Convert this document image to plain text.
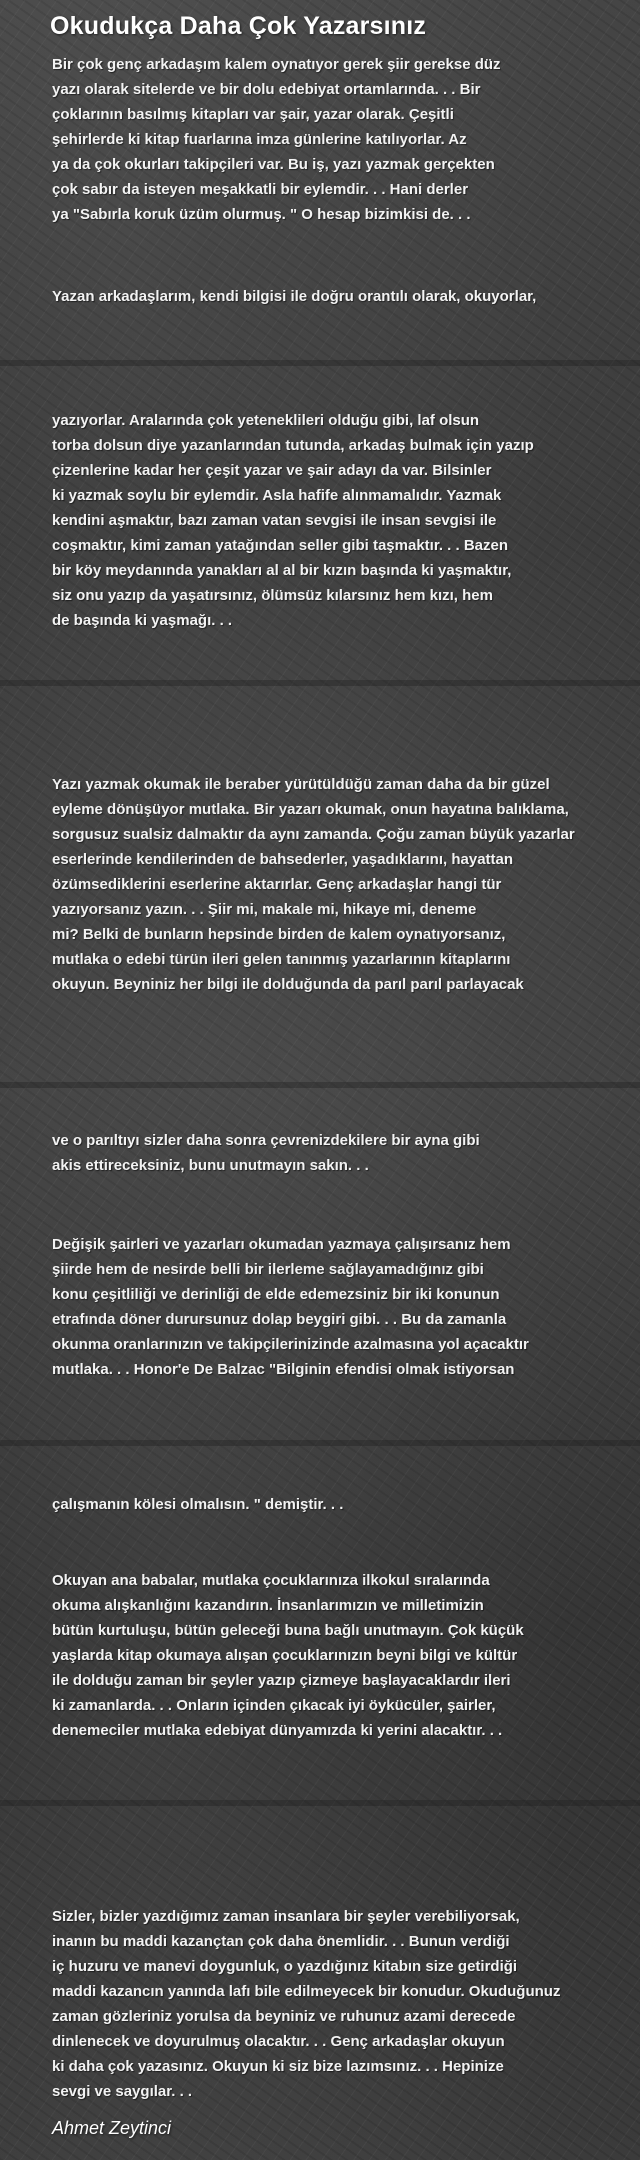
Okudukça Daha Çok Yazarsınız
Bir çok genç arkadaşım kalem oynatıyor gerek şiir gerekse düz
yazı olarak sitelerde ve bir dolu edebiyat ortamlarında. . . Bir
çoklarının basılmış kitapları var şair, yazar olarak. Çeşitli
şehirlerde ki kitap fuarlarına imza günlerine katılıyorlar. Az
ya da çok okurları takipçileri var. Bu iş, yazı yazmak gerçekten
çok sabır da isteyen meşakkatli bir eylemdir. . . Hani derler
ya "Sabırla koruk üzüm olurmuş. " O hesap bizimkisi de. . .
Yazan arkadaşlarım, kendi bilgisi ile doğru orantılı olarak, okuyorlar,
yazıyorlar. Aralarında çok yeteneklileri olduğu gibi, laf olsun
torba dolsun diye yazanlarından tutunda, arkadaş bulmak için yazıp
çizenlerine kadar her çeşit yazar ve şair adayı da var. Bilsinler
ki yazmak soylu bir eylemdir. Asla hafife alınmamalıdır. Yazmak
kendini aşmaktır, bazı zaman vatan sevgisi ile insan sevgisi ile
coşmaktır, kimi zaman yatağından seller gibi taşmaktır. . . Bazen
bir köy meydanında yanakları al al bir kızın başında ki yaşmaktır,
siz onu yazıp da yaşatırsınız, ölümsüz kılarsınız hem kızı, hem
de başında ki yaşmağı. . .
Yazı yazmak okumak ile beraber yürütüldüğü zaman daha da bir güzel
eyleme dönüşüyor mutlaka. Bir yazarı okumak, onun hayatına balıklama,
sorgusuz sualsiz dalmaktır da aynı zamanda. Çoğu zaman büyük yazarlar
eserlerinde kendilerinden de bahsederler, yaşadıklarını, hayattan
özümsediklerini eserlerine aktarırlar. Genç arkadaşlar hangi tür
yazıyorsanız yazın. . . Şiir mi, makale mi, hikaye mi, deneme
mi? Belki de bunların hepsinde birden de kalem oynatıyorsanız,
mutlaka o edebi türün ileri gelen tanınmış yazarlarının kitaplarını
okuyun. Beyniniz her bilgi ile dolduğunda da parıl parıl parlayacak
ve o parıltıyı sizler daha sonra çevrenizdekilere bir ayna gibi
akis ettireceksiniz, bunu unutmayın sakın. . .
Değişik şairleri ve yazarları okumadan yazmaya çalışırsanız hem
şiirde hem de nesirde belli bir ilerleme sağlayamadığınız gibi
konu çeşitliliği ve derinliği de elde edemezsiniz bir iki konunun
etrafında döner durursunuz dolap beygiri gibi. . . Bu da zamanla
okunma oranlarınızın ve takipçilerinizinde azalmasına yol açacaktır
mutlaka. . . Honor'e De Balzac "Bilginin efendisi olmak istiyorsan
çalışmanın kölesi olmalısın. " demiştir. . .
Okuyan ana babalar, mutlaka çocuklarınıza ilkokul sıralarında
okuma alışkanlığını kazandırın. İnsanlarımızın ve milletimizin
bütün kurtuluşu, bütün geleceği buna bağlı unutmayın. Çok küçük
yaşlarda kitap okumaya alışan çocuklarınızın beyni bilgi ve kültür
ile dolduğu zaman bir şeyler yazıp çizmeye başlayacaklardır ileri
ki zamanlarda. . . Onların içinden çıkacak iyi öykücüler, şairler,
denemeciler mutlaka edebiyat dünyamızda ki yerini alacaktır. . .
Sizler, bizler yazdığımız zaman insanlara bir şeyler verebiliyorsak,
inanın bu maddi kazançtan çok daha önemlidir. . . Bunun verdiği
iç huzuru ve manevi doygunluk, o yazdığınız kitabın size getirdiği
maddi kazancın yanında lafı bile edilmeyecek bir konudur. Okuduğunuz
zaman gözleriniz yorulsa da beyniniz ve ruhunuz azami derecede
dinlenecek ve doyurulmuş olacaktır. . . Genç arkadaşlar okuyun
ki daha çok yazasınız. Okuyun ki siz bize lazımsınız. . . Hepinize
sevgi ve saygılar. . .

Ahmet Zeytinci
